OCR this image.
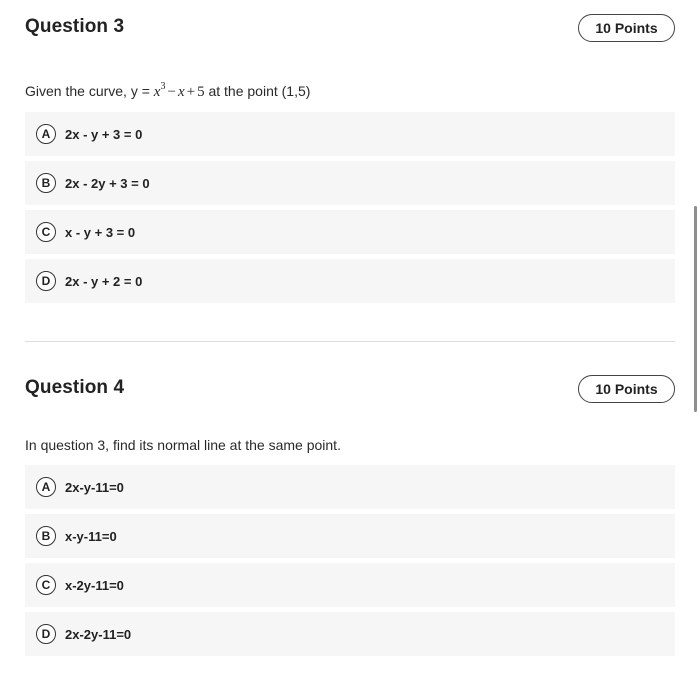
Question 3	10 Points
Given the curve, $y = x^3 - x + 5$ at the point (1,5)
A	2x - y + 3 = 0
B	2x - 2y + 3 = 0
C	x - y + 3 = 0
D	2x - y + 2 = 0
Question 4	10 Points
In question 3, find its normal line at the same point.
A	2x-y-11=0
B	x-y-11=0
C	x-2y-11=0
D	2x-2y-11=0
